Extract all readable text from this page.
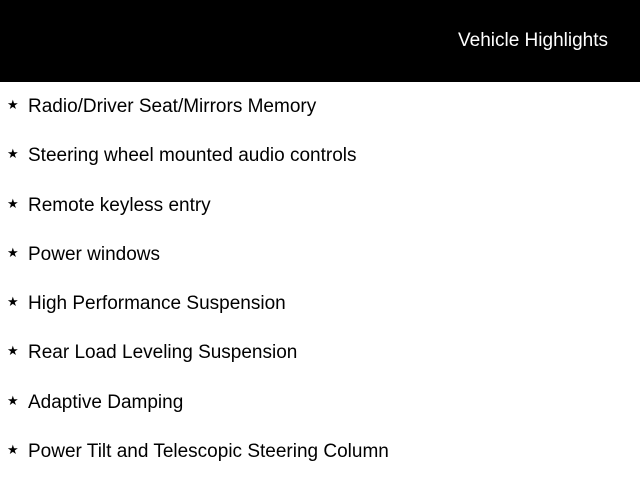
Vehicle Highlights
★ Radio/Driver Seat/Mirrors Memory
★ Steering wheel mounted audio controls
★ Remote keyless entry
★ Power windows
★ High Performance Suspension
★ Rear Load Leveling Suspension
★ Adaptive Damping
★ Power Tilt and Telescopic Steering Column
